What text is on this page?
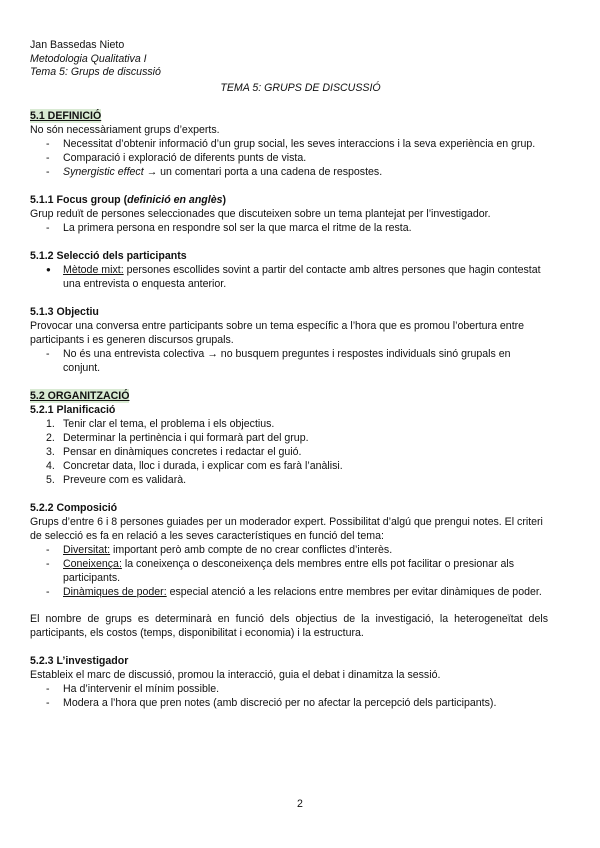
Jan Bassedas Nieto
Metodologia Qualitativa I
Tema 5: Grups de discussió
TEMA 5: GRUPS DE DISCUSSIÓ

5.1 DEFINICIÓ

No són necessàriament grups d’experts.

- Necessitat d’obtenir informació d’un grup social, les seves interaccions i la seva experiència en grup.
- Comparació i exploració de diferents punts de vista.
- Synergistic effect → un comentari porta a una cadena de respostes.

5.1.1 Focus group (definició en anglès)

Grup reduït de persones seleccionades que discuteixen sobre un tema plantejat per l’investigador.

- La primera persona en respondre sol ser la que marca el ritme de la resta.

5.1.2 Selecció dels participants

● Mètode mixt: persones escollides sovint a partir del contacte amb altres persones que hagin contestat una entrevista o enquesta anterior.

5.1.3 Objectiu

Provocar una conversa entre participants sobre un tema específic a l’hora que es promou l’obertura entre participants i es generen discursos grupals.

- No és una entrevista colectiva → no busquem preguntes i respostes individuals sinó grupals en conjunt.

5.2 ORGANITZACIÓ

5.2.1 Planificació

1. Tenir clar el tema, el problema i els objectius.
2. Determinar la pertinència i qui formarà part del grup.
3. Pensar en dinàmiques concretes i redactar el guió.
4. Concretar data, lloc i durada, i explicar com es farà l’anàlisi.
5. Preveure com es validarà.

5.2.2 Composició

Grups d’entre 6 i 8 persones guiades per un moderador expert. Possibilitat d’algú que prengui notes. El criteri de selecció es fa en relació a les seves característiques en funció del tema:

- Diversitat: important però amb compte de no crear conflictes d’interès.
- Coneixença: la coneixença o desconeixença dels membres entre ells pot facilitar o presionar als participants.
- Dinàmiques de poder: especial atenció a les relacions entre membres per evitar dinàmiques de poder.

El nombre de grups es determinarà en funció dels objectius de la investigació, la heterogeneïtat dels participants, els costos (temps, disponibilitat i economia) i la estructura.

5.2.3 L’investigador

Estableix el marc de discussió, promou la interacció, guia el debat i dinamitza la sessió.

- Ha d’intervenir el mínim possible.
- Modera a l’hora que pren notes (amb discreció per no afectar la percepció dels participants).
2
